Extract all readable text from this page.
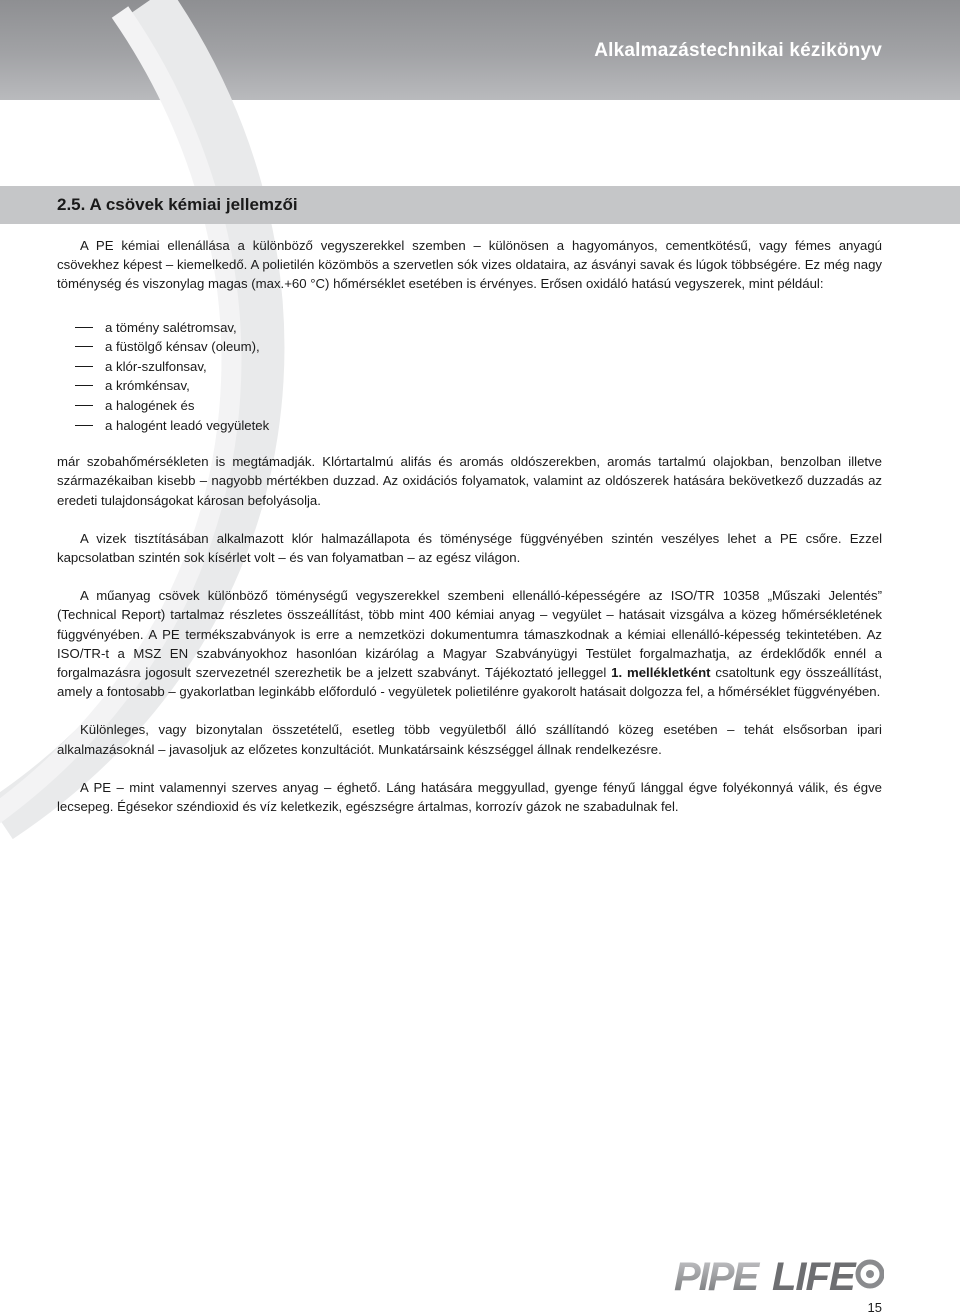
Alkalmazástechnikai kézikönyv
2.5. A csövek kémiai jellemzői

A PE kémiai ellenállása a különböző vegyszerekkel szemben – különösen a hagyományos, cementkötésű, vagy fémes anyagú csövekhez képest – kiemelkedő. A polietilén közömbös a szervetlen sók vizes oldataira, az ásványi savak és lúgok többségére. Ez még nagy töménység és viszonylag magas (max.+60 °C) hőmérséklet esetében is érvényes. Erősen oxidáló hatású vegyszerek, mint például:

a tömény salétromsav,
a füstölgő kénsav (oleum),
a klór-szulfonsav,
a krómkénsav,
a halogének és
a halogént leadó vegyületek

már szobahőmérsékleten is megtámadják. Klórtartalmú alifás és aromás oldószerekben, aromás tartalmú olajokban, benzolban illetve származékaiban kisebb – nagyobb mértékben duzzad. Az oxidációs folyamatok, valamint az oldószerek hatására bekövetkező duzzadás az eredeti tulajdonságokat károsan befolyásolja.

A vizek tisztításában alkalmazott klór halmazállapota és töménysége függvényében szintén veszélyes lehet a PE csőre. Ezzel kapcsolatban szintén sok kísérlet volt – és van folyamatban – az egész világon.

A műanyag csövek különböző töménységű vegyszerekkel szembeni ellenálló-képességére az ISO/TR 10358 „Műszaki Jelentés” (Technical Report) tartalmaz részletes összeállítást, több mint 400 kémiai anyag – vegyület – hatásait vizsgálva a közeg hőmérsékletének függvényében. A PE termékszabványok is erre a nemzetközi dokumentumra támaszkodnak a kémiai ellenálló-képesség tekintetében. Az ISO/TR-t a MSZ EN szabványokhoz hasonlóan kizárólag a Magyar Szabványügyi Testület forgalmazhatja, az érdeklődők ennél a forgalmazásra jogosult szervezetnél szerezhetik be a jelzett szabványt. Tájékoztató jelleggel 1. mellékletként csatoltunk egy összeállítást, amely a fontosabb – gyakorlatban leginkább előforduló - vegyületek polietilénre gyakorolt hatásait dolgozza fel, a hőmérséklet függvényében.

Különleges, vagy bizonytalan összetételű, esetleg több vegyületből álló szállítandó közeg esetében – tehát elsősorban ipari alkalmazásoknál – javasoljuk az előzetes konzultációt. Munkatársaink készséggel állnak rendelkezésre.

A PE – mint valamennyi szerves anyag – éghető. Láng hatására meggyullad, gyenge fényű lánggal égve folyékonnyá válik, és égve lecsepeg. Égésekor széndioxid és víz keletkezik, egészségre ártalmas, korrozív gázok ne szabadulnak fel.

PIPE LIFE
15
